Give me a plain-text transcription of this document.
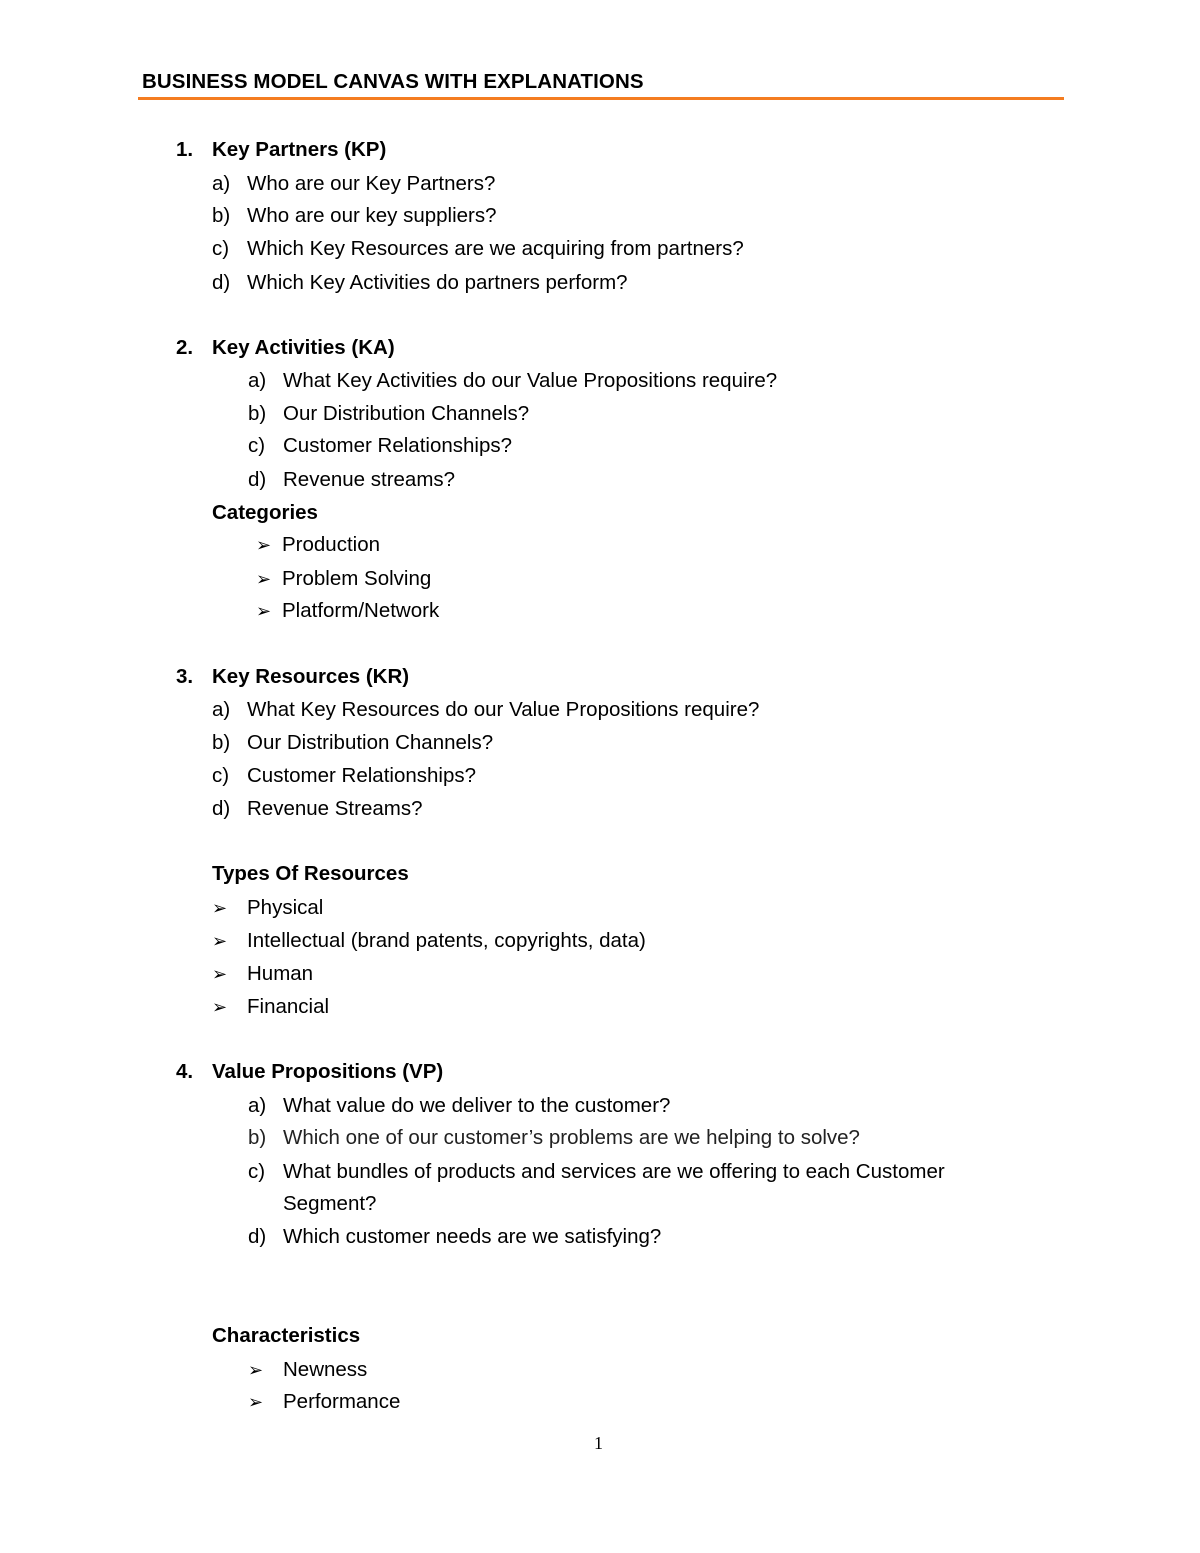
BUSINESS MODEL CANVAS WITH EXPLANATIONS
1. Key Partners (KP)
a) Who are our Key Partners?
b) Who are our key suppliers?
c) Which Key Resources are we acquiring from partners?
d) Which Key Activities do partners perform?
2. Key Activities (KA)
a) What Key Activities do our Value Propositions require?
b) Our Distribution Channels?
c) Customer Relationships?
d) Revenue streams?
Categories
➢ Production
➢ Problem Solving
➢ Platform/Network
3. Key Resources (KR)
a) What Key Resources do our Value Propositions require?
b) Our Distribution Channels?
c) Customer Relationships?
d) Revenue Streams?
Types Of Resources
➢ Physical
➢ Intellectual (brand patents, copyrights, data)
➢ Human
➢ Financial
4. Value Propositions (VP)
a) What value do we deliver to the customer?
b) Which one of our customer’s problems are we helping to solve?
c) What bundles of products and services are we offering to each Customer
Segment?
d) Which customer needs are we satisfying?
Characteristics
➢ Newness
➢ Performance
1
